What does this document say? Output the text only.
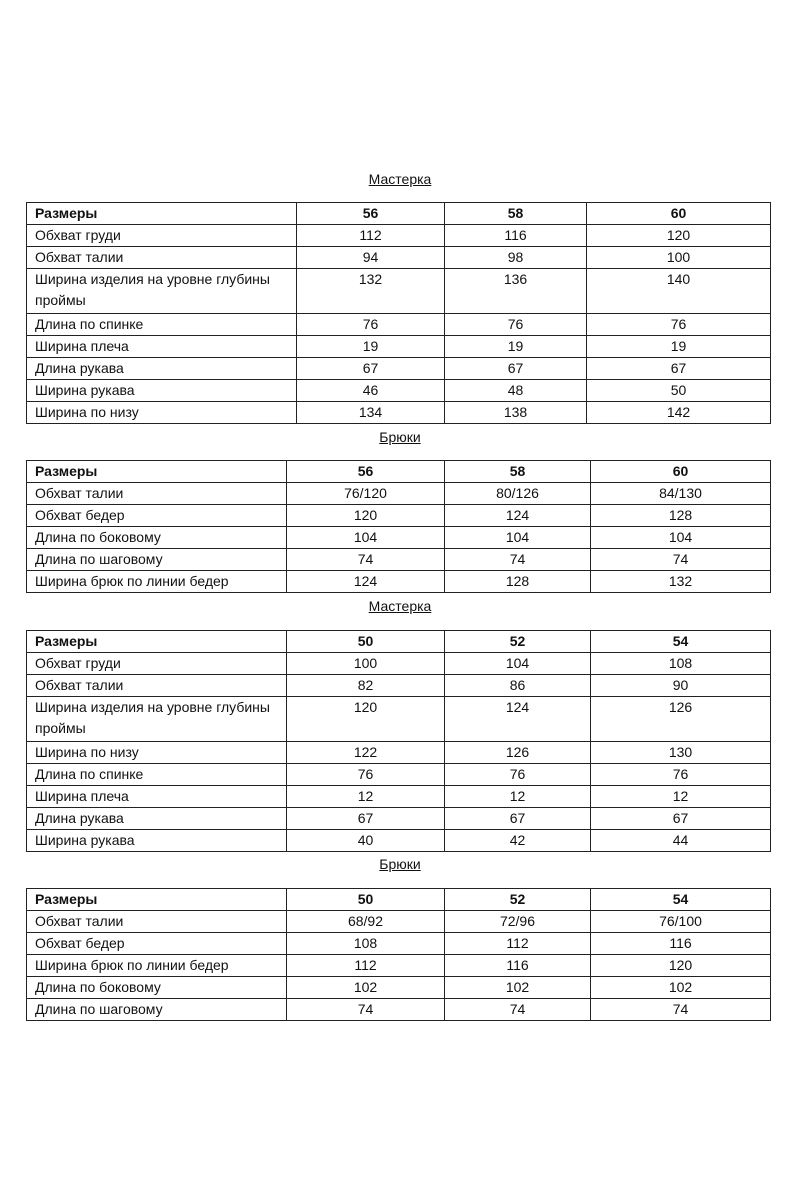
Мастерка
Размеры	56	58	60
Обхват груди	112	116	120
Обхват талии	94	98	100
Ширина изделия на уровне глубины проймы	132	136	140
Длина по спинке	76	76	76
Ширина плеча	19	19	19
Длина рукава	67	67	67
Ширина рукава	46	48	50
Ширина по низу	134	138	142
Брюки
Размеры	56	58	60
Обхват талии	76/120	80/126	84/130
Обхват бедер	120	124	128
Длина по боковому	104	104	104
Длина по шаговому	74	74	74
Ширина брюк по линии бедер	124	128	132
Мастерка
Размеры	50	52	54
Обхват груди	100	104	108
Обхват талии	82	86	90
Ширина изделия на уровне глубины проймы	120	124	126
Ширина по низу	122	126	130
Длина по спинке	76	76	76
Ширина плеча	12	12	12
Длина рукава	67	67	67
Ширина рукава	40	42	44
Брюки
Размеры	50	52	54
Обхват талии	68/92	72/96	76/100
Обхват бедер	108	112	116
Ширина брюк по линии бедер	112	116	120
Длина по боковому	102	102	102
Длина по шаговому	74	74	74
